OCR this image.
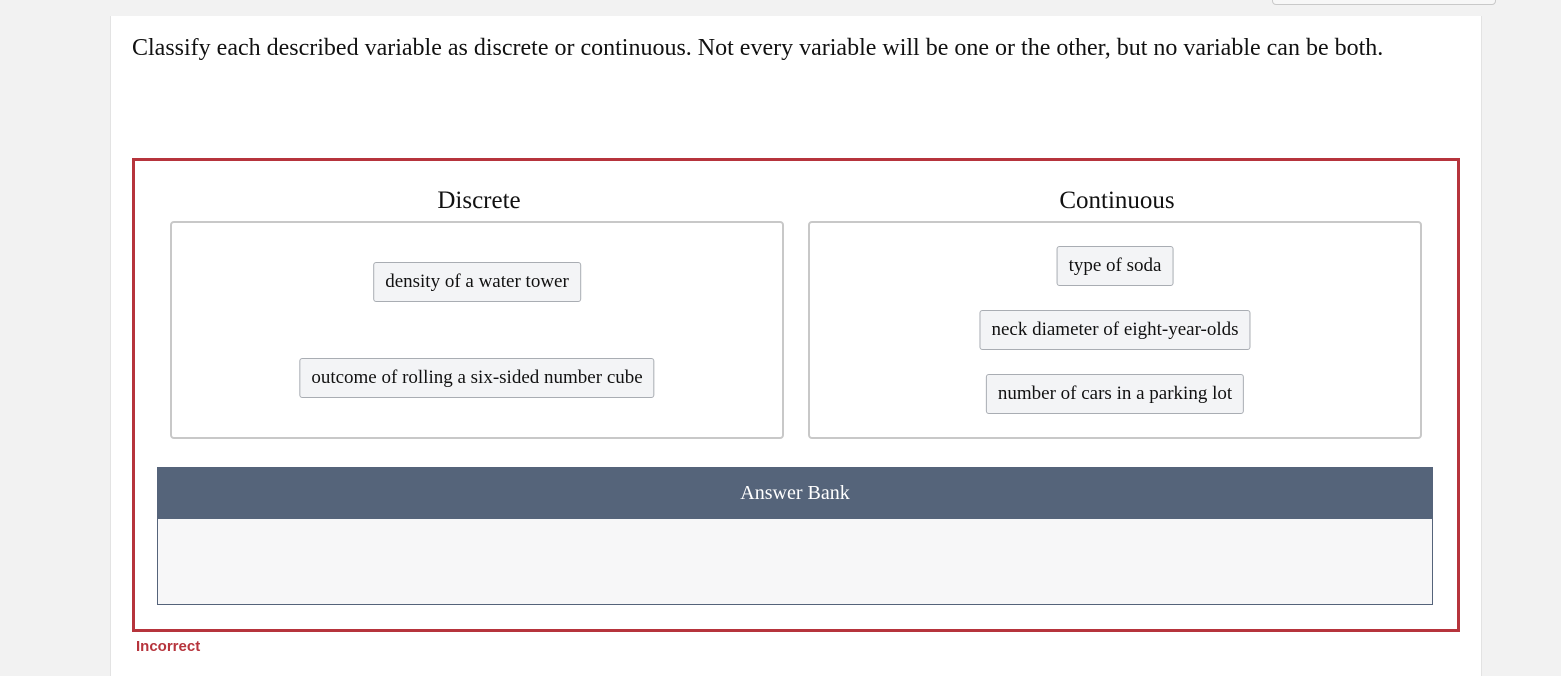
Classify each described variable as discrete or continuous. Not every variable will be one or the other, but no variable can be both.
Discrete	Continuous
density of a water tower
outcome of rolling a six-sided number cube
type of soda
neck diameter of eight-year-olds
number of cars in a parking lot
Answer Bank
Incorrect
